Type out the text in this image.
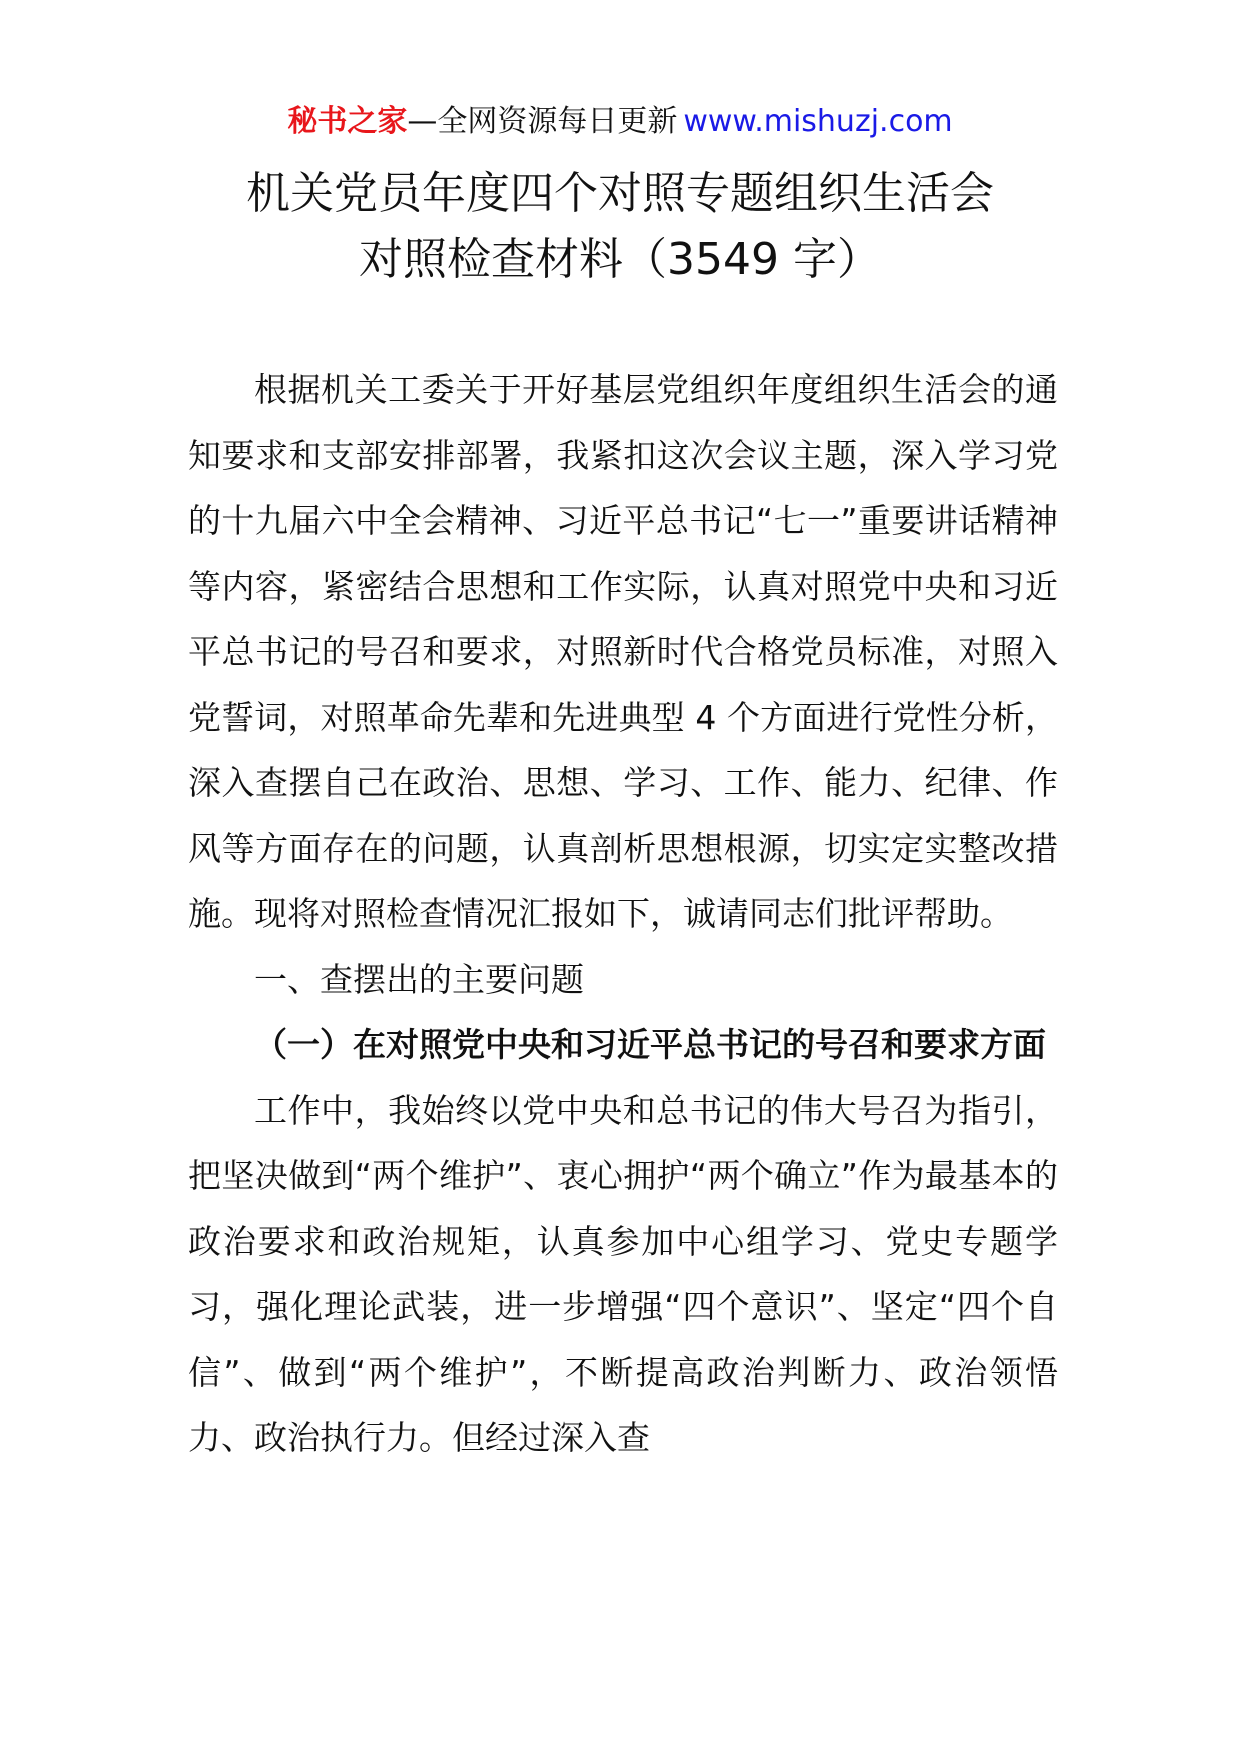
秘书之家—全网资源每日更新 www.mishuzj.com
机关党员年度四个对照专题组织生活会
对照检查材料（3549 字）

根据机关工委关于开好基层党组织年度组织生活会的通知要求和支部安排部署，我紧扣这次会议主题，深入学习党的十九届六中全会精神、习近平总书记“七一”重要讲话精神等内容，紧密结合思想和工作实际，认真对照党中央和习近平总书记的号召和要求，对照新时代合格党员标准，对照入党誓词，对照革命先辈和先进典型 4 个方面进行党性分析，深入查摆自己在政治、思想、学习、工作、能力、纪律、作风等方面存在的问题，认真剖析思想根源，切实定实整改措施。现将对照检查情况汇报如下，诚请同志们批评帮助。

一、查摆出的主要问题

（一）在对照党中央和习近平总书记的号召和要求方面

工作中，我始终以党中央和总书记的伟大号召为指引，把坚决做到“两个维护”、衷心拥护“两个确立”作为最基本的政治要求和政治规矩，认真参加中心组学习、党史专题学习，强化理论武装，进一步增强“四个意识”、坚定“四个自信”、做到“两个维护”，不断提高政治判断力、政治领悟力、政治执行力。但经过深入查
